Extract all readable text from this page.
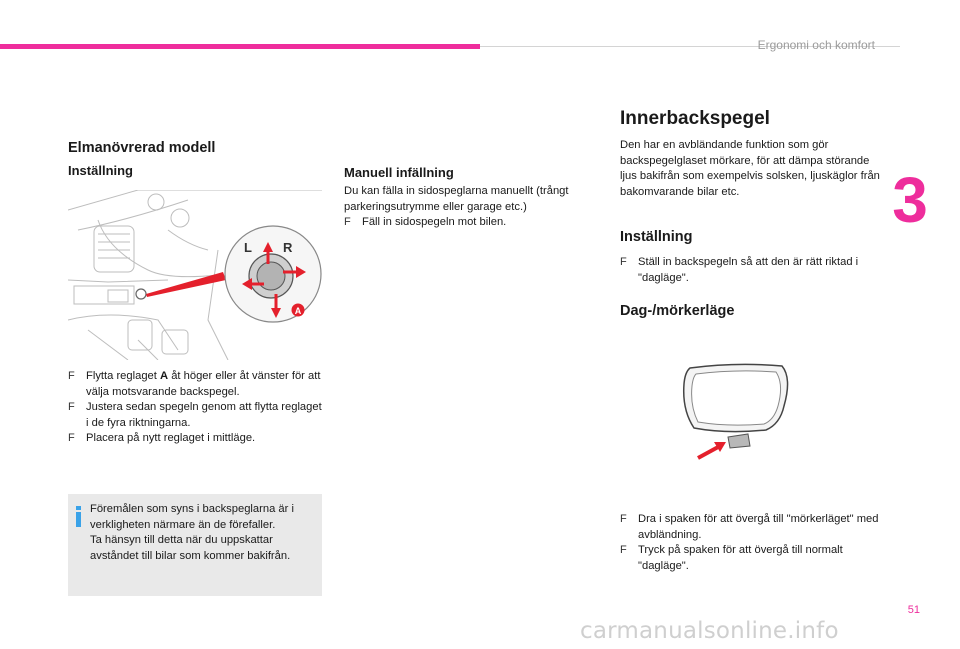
Ergonomi och komfort
3
Elmanövrerad modell
Inställning
L R
A
F	Flytta reglaget A åt höger eller åt vänster för att välja motsvarande backspegel.
F	Justera sedan spegeln genom att flytta reglaget i de fyra riktningarna.
F	Placera på nytt reglaget i mittläge.

Föremålen som syns i backspeglarna är i verkligheten närmare än de förefaller.

Ta hänsyn till detta när du uppskattar avståndet till bilar som kommer bakifrån.

Manuell infällning

Du kan fälla in sidospeglarna manuellt (trångt parkeringsutrymme eller garage etc.)

F	Fäll in sidospegeln mot bilen.
Innerbackspegel

Den har en avbländande funktion som gör backspegelglaset mörkare, för att dämpa störande ljus bakifrån som exempelvis solsken, ljuskäglor från bakomvarande bilar etc.

Inställning
F	Ställ in backspegeln så att den är rätt riktad i "dagläge".
Dag-/mörkerläge
F	Dra i spaken för att övergå till "mörkerläget" med avbländning.
F	Tryck på spaken för att övergå till normalt "dagläge".
51
carmanualsonline.info
